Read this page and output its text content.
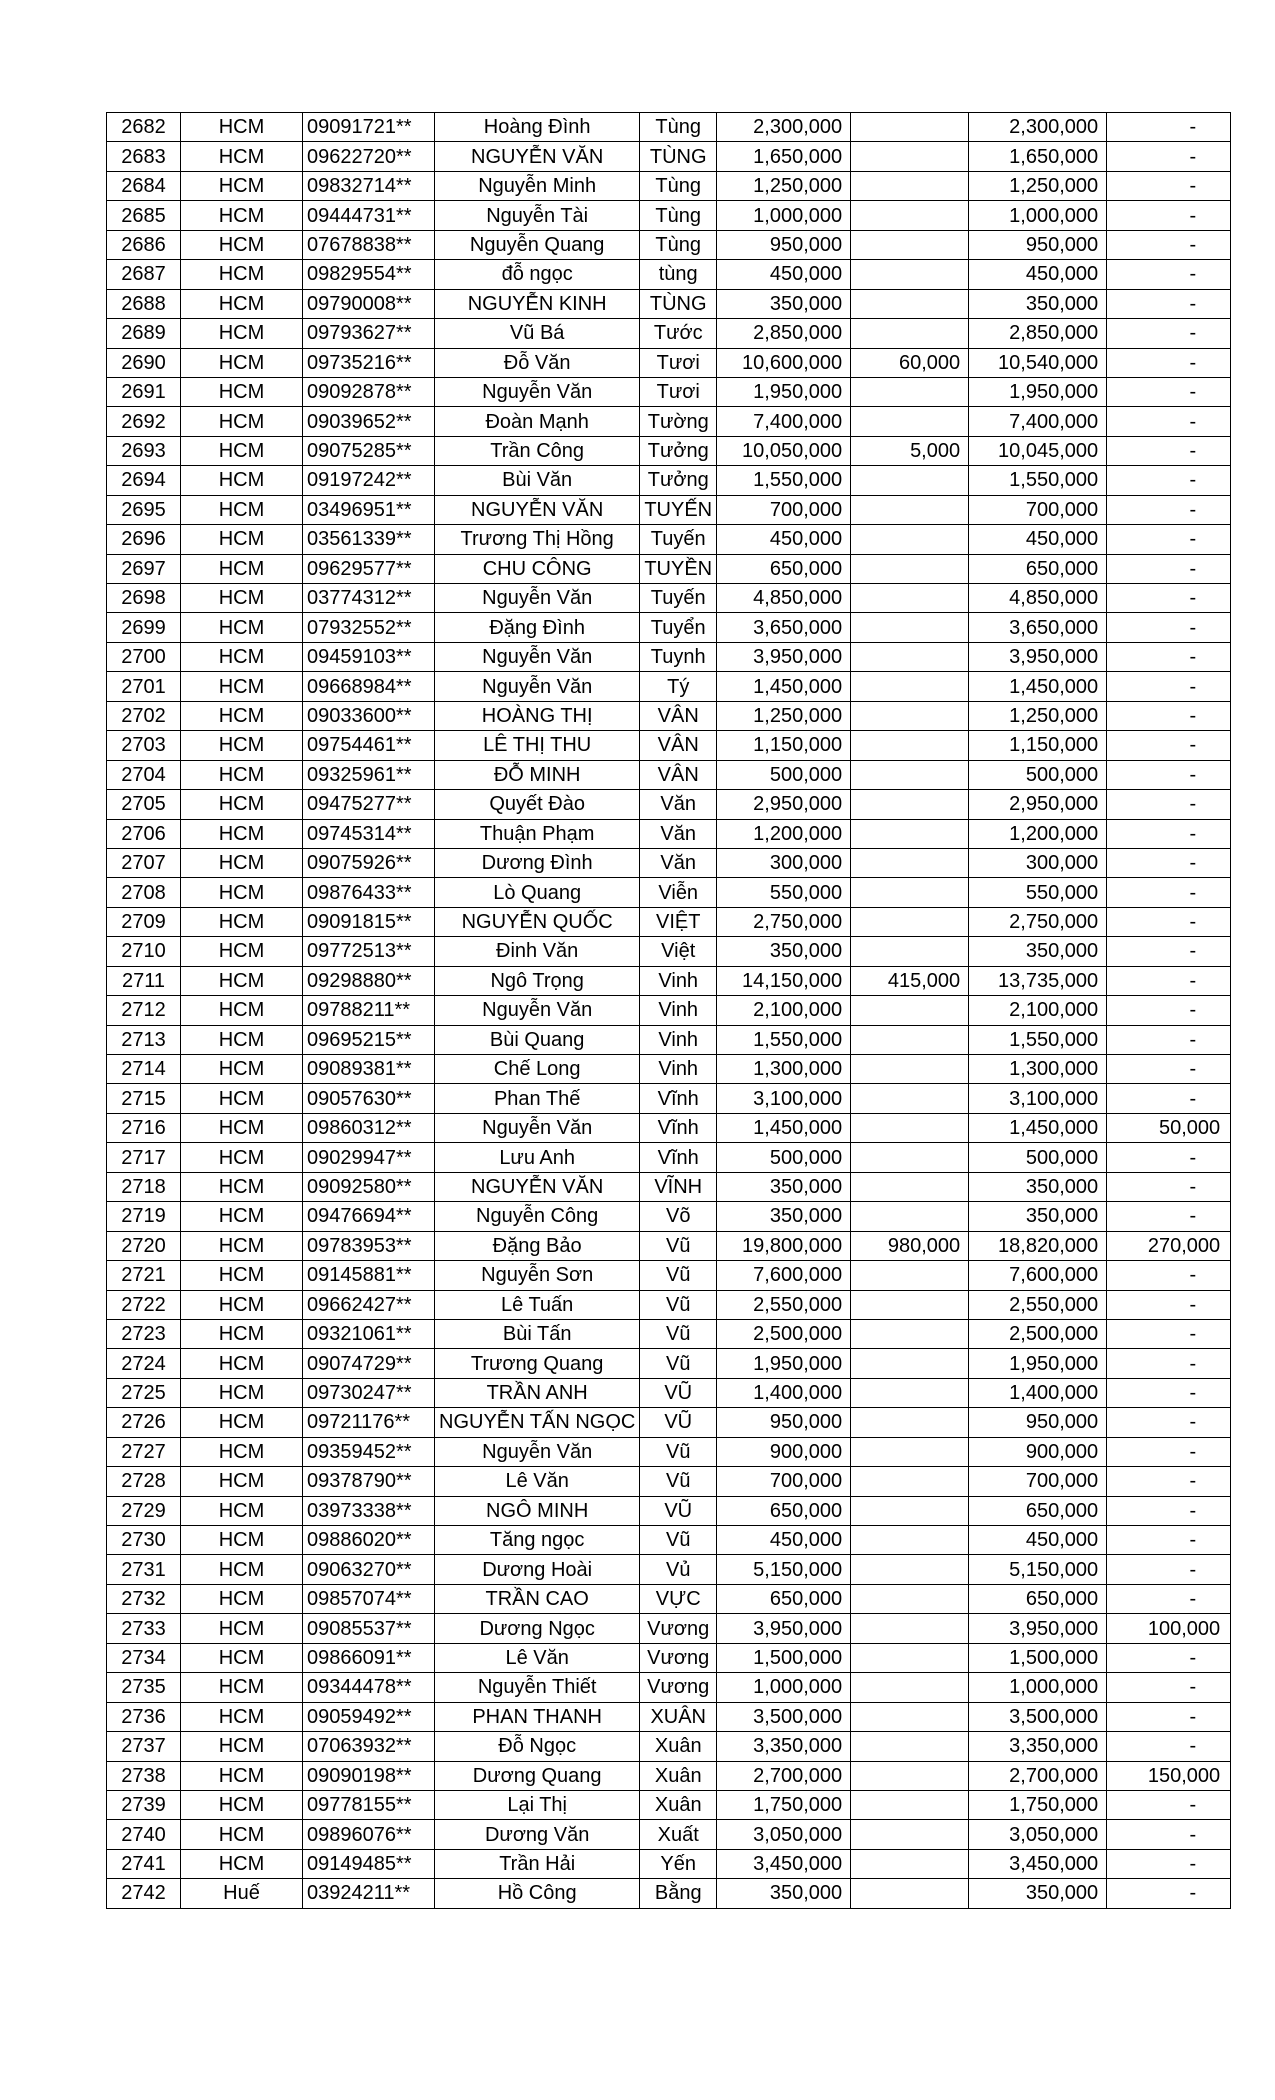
2682	HCM	09091721**	Hoàng Đình	Tùng	2,300,000		2,300,000	-
2683	HCM	09622720**	NGUYỄN VĂN	TÙNG	1,650,000		1,650,000	-
2684	HCM	09832714**	Nguyễn Minh	Tùng	1,250,000		1,250,000	-
2685	HCM	09444731**	Nguyễn Tài	Tùng	1,000,000		1,000,000	-
2686	HCM	07678838**	Nguyễn Quang	Tùng	950,000		950,000	-
2687	HCM	09829554**	đỗ ngọc	tùng	450,000		450,000	-
2688	HCM	09790008**	NGUYỄN KINH	TÙNG	350,000		350,000	-
2689	HCM	09793627**	Vũ Bá	Tước	2,850,000		2,850,000	-
2690	HCM	09735216**	Đỗ Văn	Tươi	10,600,000	60,000	10,540,000	-
2691	HCM	09092878**	Nguyễn Văn	Tươi	1,950,000		1,950,000	-
2692	HCM	09039652**	Đoàn Mạnh	Tường	7,400,000		7,400,000	-
2693	HCM	09075285**	Trần Công	Tưởng	10,050,000	5,000	10,045,000	-
2694	HCM	09197242**	Bùi Văn	Tưởng	1,550,000		1,550,000	-
2695	HCM	03496951**	NGUYỄN VĂN	TUYẾN	700,000		700,000	-
2696	HCM	03561339**	Trương Thị Hồng	Tuyến	450,000		450,000	-
2697	HCM	09629577**	CHU CÔNG	TUYỀN	650,000		650,000	-
2698	HCM	03774312**	Nguyễn Văn	Tuyến	4,850,000		4,850,000	-
2699	HCM	07932552**	Đặng Đình	Tuyển	3,650,000		3,650,000	-
2700	HCM	09459103**	Nguyễn Văn	Tuynh	3,950,000		3,950,000	-
2701	HCM	09668984**	Nguyễn Văn	Tý	1,450,000		1,450,000	-
2702	HCM	09033600**	HOÀNG THỊ	VÂN	1,250,000		1,250,000	-
2703	HCM	09754461**	LÊ THỊ THU	VÂN	1,150,000		1,150,000	-
2704	HCM	09325961**	ĐỖ MINH	VÂN	500,000		500,000	-
2705	HCM	09475277**	Quyết Đào	Văn	2,950,000		2,950,000	-
2706	HCM	09745314**	Thuận Phạm	Văn	1,200,000		1,200,000	-
2707	HCM	09075926**	Dương Đình	Văn	300,000		300,000	-
2708	HCM	09876433**	Lò Quang	Viễn	550,000		550,000	-
2709	HCM	09091815**	NGUYỄN QUỐC	VIỆT	2,750,000		2,750,000	-
2710	HCM	09772513**	Đinh Văn	Việt	350,000		350,000	-
2711	HCM	09298880**	Ngô Trọng	Vinh	14,150,000	415,000	13,735,000	-
2712	HCM	09788211**	Nguyễn Văn	Vinh	2,100,000		2,100,000	-
2713	HCM	09695215**	Bùi Quang	Vinh	1,550,000		1,550,000	-
2714	HCM	09089381**	Chế Long	Vinh	1,300,000		1,300,000	-
2715	HCM	09057630**	Phan Thế	Vĩnh	3,100,000		3,100,000	-
2716	HCM	09860312**	Nguyễn Văn	Vĩnh	1,450,000		1,450,000	50,000
2717	HCM	09029947**	Lưu Anh	Vĩnh	500,000		500,000	-
2718	HCM	09092580**	NGUYỄN VĂN	VĨNH	350,000		350,000	-
2719	HCM	09476694**	Nguyễn Công	Võ	350,000		350,000	-
2720	HCM	09783953**	Đặng Bảo	Vũ	19,800,000	980,000	18,820,000	270,000
2721	HCM	09145881**	Nguyễn Sơn	Vũ	7,600,000		7,600,000	-
2722	HCM	09662427**	Lê Tuấn	Vũ	2,550,000		2,550,000	-
2723	HCM	09321061**	Bùi Tấn	Vũ	2,500,000		2,500,000	-
2724	HCM	09074729**	Trương Quang	Vũ	1,950,000		1,950,000	-
2725	HCM	09730247**	TRẦN ANH	VŨ	1,400,000		1,400,000	-
2726	HCM	09721176**	NGUYỄN TẤN NGỌC	VŨ	950,000		950,000	-
2727	HCM	09359452**	Nguyễn Văn	Vũ	900,000		900,000	-
2728	HCM	09378790**	Lê Văn	Vũ	700,000		700,000	-
2729	HCM	03973338**	NGÔ MINH	VŨ	650,000		650,000	-
2730	HCM	09886020**	Tăng ngọc	Vũ	450,000		450,000	-
2731	HCM	09063270**	Dương Hoài	Vủ	5,150,000		5,150,000	-
2732	HCM	09857074**	TRẦN CAO	VỰC	650,000		650,000	-
2733	HCM	09085537**	Dương Ngọc	Vương	3,950,000		3,950,000	100,000
2734	HCM	09866091**	Lê Văn	Vương	1,500,000		1,500,000	-
2735	HCM	09344478**	Nguyễn Thiết	Vương	1,000,000		1,000,000	-
2736	HCM	09059492**	PHAN THANH	XUÂN	3,500,000		3,500,000	-
2737	HCM	07063932**	Đỗ Ngọc	Xuân	3,350,000		3,350,000	-
2738	HCM	09090198**	Dương Quang	Xuân	2,700,000		2,700,000	150,000
2739	HCM	09778155**	Lại Thị	Xuân	1,750,000		1,750,000	-
2740	HCM	09896076**	Dương Văn	Xuất	3,050,000		3,050,000	-
2741	HCM	09149485**	Trần Hải	Yến	3,450,000		3,450,000	-
2742	Huế	03924211**	Hồ Công	Bằng	350,000		350,000	-
